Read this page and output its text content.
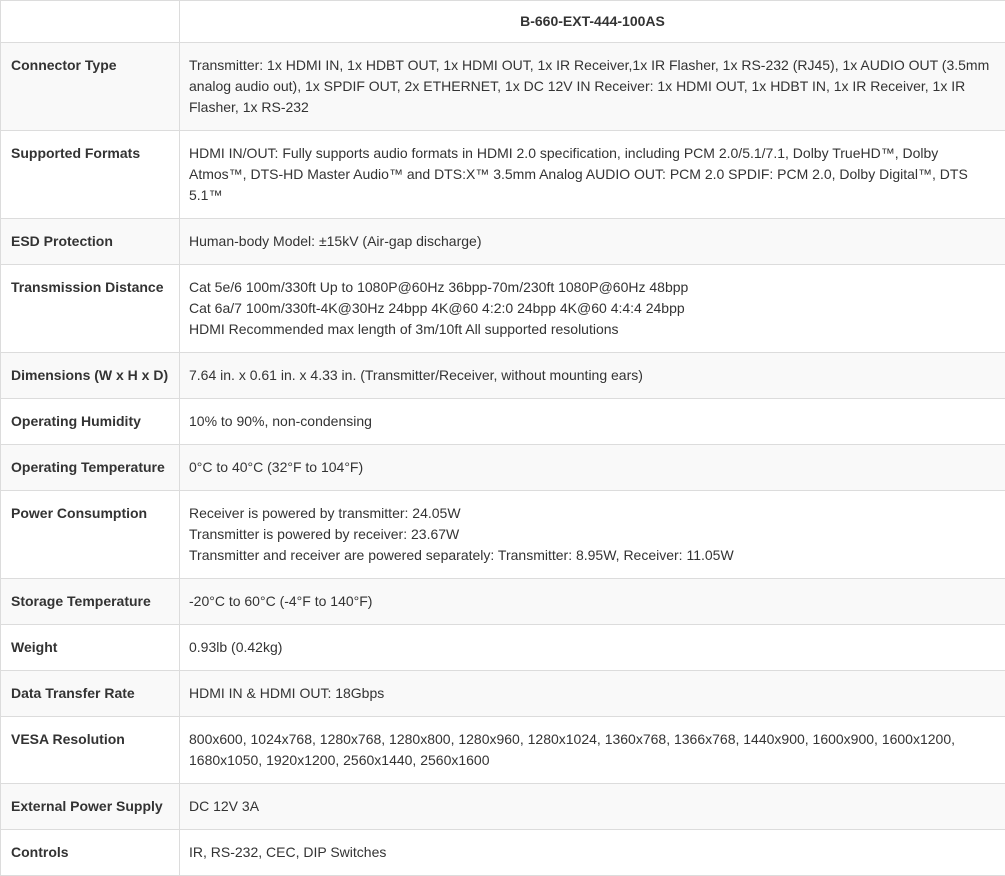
	B-660-EXT-444-100AS
Connector Type	Transmitter: 1x HDMI IN, 1x HDBT OUT, 1x HDMI OUT, 1x IR Receiver,1x IR Flasher, 1x RS-232 (RJ45), 1x AUDIO OUT (3.5mm analog audio out), 1x SPDIF OUT, 2x ETHERNET, 1x DC 12V IN Receiver: 1x HDMI OUT, 1x HDBT IN, 1x IR Receiver, 1x IR Flasher, 1x RS-232

Supported Formats	HDMI IN/OUT: Fully supports audio formats in HDMI 2.0 specification, including PCM 2.0/5.1/7.1, Dolby TrueHD™, Dolby Atmos™, DTS-HD Master Audio™ and DTS:X™ 3.5mm Analog AUDIO OUT: PCM 2.0 SPDIF: PCM 2.0, Dolby Digital™, DTS 5.1™

ESD Protection	Human-body Model: ±15kV (Air-gap discharge)

Transmission Distance	Cat 5e/6 100m/330ft Up to 1080P@60Hz 36bpp-70m/230ft 1080P@60Hz 48bpp
Cat 6a/7 100m/330ft-4K@30Hz 24bpp 4K@60 4:2:0 24bpp 4K@60 4:4:4 24bpp
HDMI Recommended max length of 3m/10ft All supported resolutions

Dimensions (W x H x D)	7.64 in. x 0.61 in. x 4.33 in. (Transmitter/Receiver, without mounting ears)

Operating Humidity	10% to 90%, non-condensing

Operating Temperature	0°C to 40°C (32°F to 104°F)

Power Consumption	Receiver is powered by transmitter: 24.05W
Transmitter is powered by receiver: 23.67W
Transmitter and receiver are powered separately: Transmitter: 8.95W, Receiver: 11.05W

Storage Temperature	-20°C to 60°C (-4°F to 140°F)

Weight	0.93lb (0.42kg)

Data Transfer Rate	HDMI IN & HDMI OUT: 18Gbps

VESA Resolution	800x600, 1024x768, 1280x768, 1280x800, 1280x960, 1280x1024, 1360x768, 1366x768, 1440x900, 1600x900, 1600x1200, 1680x1050, 1920x1200, 2560x1440, 2560x1600

External Power Supply	DC 12V 3A

Controls	IR, RS-232, CEC, DIP Switches
